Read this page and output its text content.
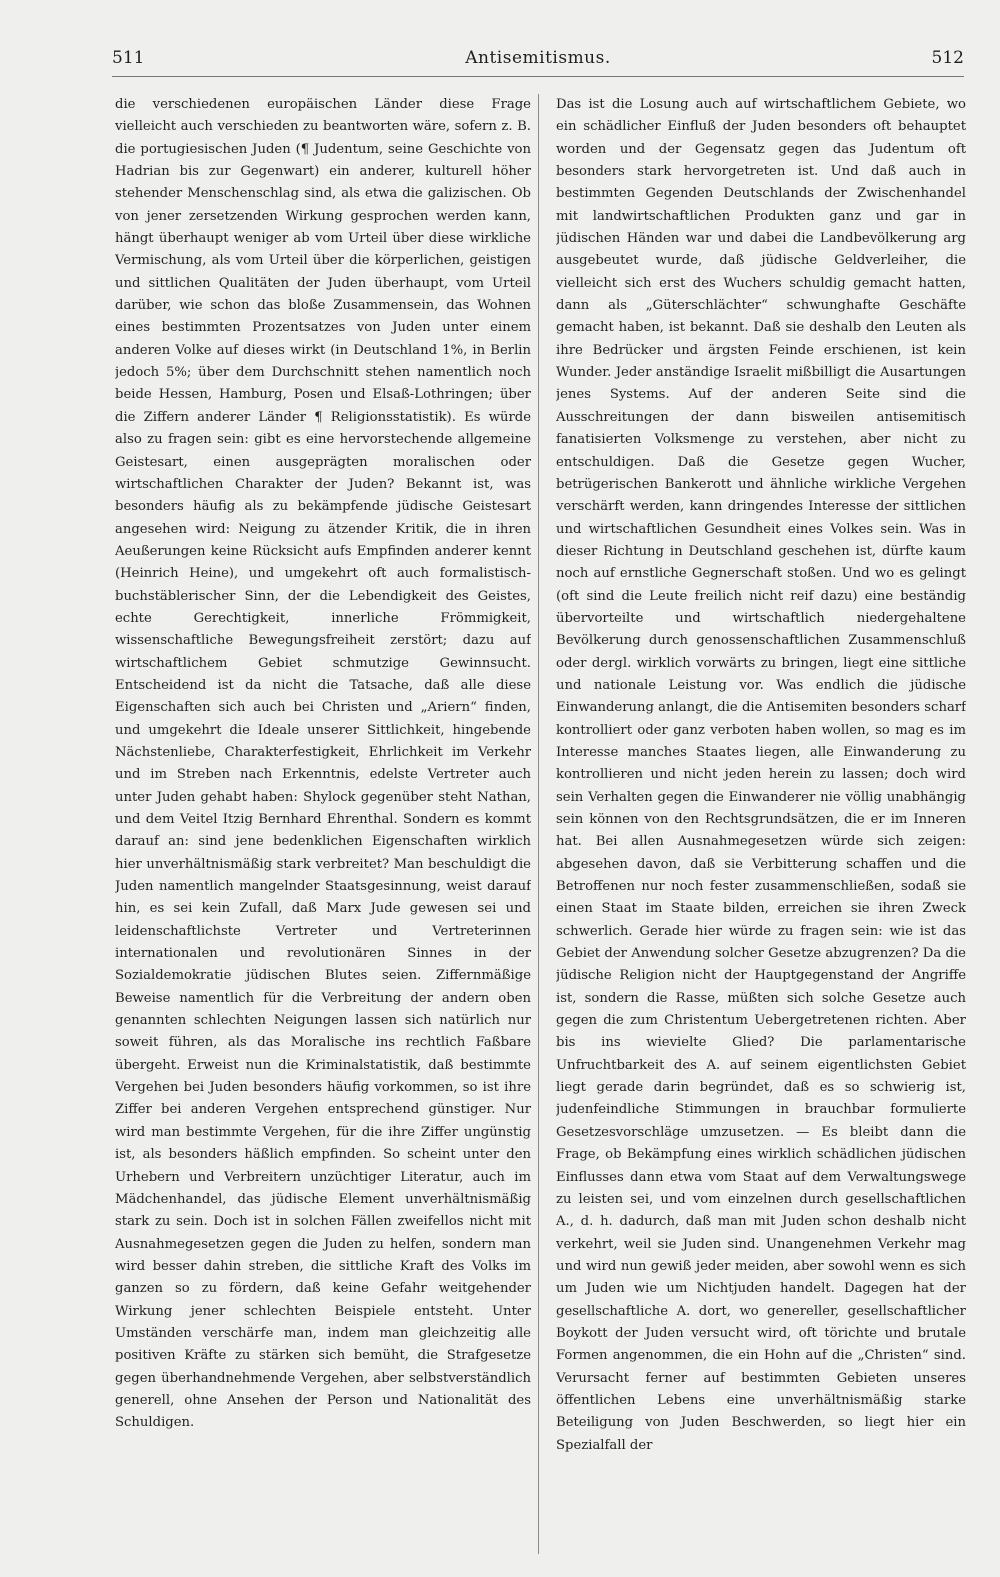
511	Antisemitismus.	512

die verschiedenen europäischen Länder diese Frage vielleicht auch verschieden zu beantworten wäre, sofern z. B. die portugiesischen Juden (¶ Judentum, seine Geschichte von Hadrian bis zur Gegenwart) ein anderer, kulturell höher stehender Menschenschlag sind, als etwa die galizischen. Ob von jener zersetzenden Wirkung gesprochen werden kann, hängt überhaupt weniger ab vom Urteil über diese wirkliche Vermischung, als vom Urteil über die körperlichen, geistigen und sittlichen Qualitäten der Juden überhaupt, vom Urteil darüber, wie schon das bloße Zusammensein, das Wohnen eines bestimmten Prozentsatzes von Juden unter einem anderen Volke auf dieses wirkt (in Deutschland 1%, in Berlin jedoch 5%; über dem Durchschnitt stehen namentlich noch beide Hessen, Hamburg, Posen und Elsaß-Lothringen; über die Ziffern anderer Länder ¶ Religionsstatistik). Es würde also zu fragen sein: gibt es eine hervorstechende allgemeine Geistesart, einen ausgeprägten moralischen oder wirtschaftlichen Charakter der Juden? Bekannt ist, was besonders häufig als zu bekämpfende jüdische Geistesart angesehen wird: Neigung zu ätzender Kritik, die in ihren Aeußerungen keine Rücksicht aufs Empfinden anderer kennt (Heinrich Heine), und umgekehrt oft auch formalistisch-buchstäblerischer Sinn, der die Lebendigkeit des Geistes, echte Gerechtigkeit, innerliche Frömmigkeit, wissenschaftliche Bewegungsfreiheit zerstört; dazu auf wirtschaftlichem Gebiet schmutzige Gewinnsucht. Entscheidend ist da nicht die Tatsache, daß alle diese Eigenschaften sich auch bei Christen und „Ariern“ finden, und umgekehrt die Ideale unserer Sittlichkeit, hingebende Nächstenliebe, Charakterfestigkeit, Ehrlichkeit im Verkehr und im Streben nach Erkenntnis, edelste Vertreter auch unter Juden gehabt haben: Shylock gegenüber steht Nathan, und dem Veitel Itzig Bernhard Ehrenthal. Sondern es kommt darauf an: sind jene bedenklichen Eigenschaften wirklich hier unverhältnismäßig stark verbreitet? Man beschuldigt die Juden namentlich mangelnder Staatsgesinnung, weist darauf hin, es sei kein Zufall, daß Marx Jude gewesen sei und leidenschaftlichste Vertreter und Vertreterinnen internationalen und revolutionären Sinnes in der Sozialdemokratie jüdischen Blutes seien. Ziffernmäßige Beweise namentlich für die Verbreitung der andern oben genannten schlechten Neigungen lassen sich natürlich nur soweit führen, als das Moralische ins rechtlich Faßbare übergeht. Erweist nun die Kriminalstatistik, daß bestimmte Vergehen bei Juden besonders häufig vorkommen, so ist ihre Ziffer bei anderen Vergehen entsprechend günstiger. Nur wird man bestimmte Vergehen, für die ihre Ziffer ungünstig ist, als besonders häßlich empfinden. So scheint unter den Urhebern und Verbreitern unzüchtiger Literatur, auch im Mädchenhandel, das jüdische Element unverhältnismäßig stark zu sein. Doch ist in solchen Fällen zweifellos nicht mit Ausnahmegesetzen gegen die Juden zu helfen, sondern man wird besser dahin streben, die sittliche Kraft des Volks im ganzen so zu fördern, daß keine Gefahr weitgehender Wirkung jener schlechten Beispiele entsteht. Unter Umständen verschärfe man, indem man gleichzeitig alle positiven Kräfte zu stärken sich bemüht, die Strafgesetze gegen überhandnehmende Vergehen, aber selbstverständlich generell, ohne Ansehen der Person und Nationalität des Schuldigen.

Das ist die Losung auch auf wirtschaftlichem Gebiete, wo ein schädlicher Einfluß der Juden besonders oft behauptet worden und der Gegensatz gegen das Judentum oft besonders stark hervorgetreten ist. Und daß auch in bestimmten Gegenden Deutschlands der Zwischenhandel mit landwirtschaftlichen Produkten ganz und gar in jüdischen Händen war und dabei die Landbevölkerung arg ausgebeutet wurde, daß jüdische Geldverleiher, die vielleicht sich erst des Wuchers schuldig gemacht hatten, dann als „Güterschlächter“ schwunghafte Geschäfte gemacht haben, ist bekannt. Daß sie deshalb den Leuten als ihre Bedrücker und ärgsten Feinde erschienen, ist kein Wunder. Jeder anständige Israelit mißbilligt die Ausartungen jenes Systems. Auf der anderen Seite sind die Ausschreitungen der dann bisweilen antisemitisch fanatisierten Volksmenge zu verstehen, aber nicht zu entschuldigen. Daß die Gesetze gegen Wucher, betrügerischen Bankerott und ähnliche wirkliche Vergehen verschärft werden, kann dringendes Interesse der sittlichen und wirtschaftlichen Gesundheit eines Volkes sein. Was in dieser Richtung in Deutschland geschehen ist, dürfte kaum noch auf ernstliche Gegnerschaft stoßen. Und wo es gelingt (oft sind die Leute freilich nicht reif dazu) eine beständig übervorteilte und wirtschaftlich niedergehaltene Bevölkerung durch genossenschaftlichen Zusammenschluß oder dergl. wirklich vorwärts zu bringen, liegt eine sittliche und nationale Leistung vor. Was endlich die jüdische Einwanderung anlangt, die die Antisemiten besonders scharf kontrolliert oder ganz verboten haben wollen, so mag es im Interesse manches Staates liegen, alle Einwanderung zu kontrollieren und nicht jeden herein zu lassen; doch wird sein Verhalten gegen die Einwanderer nie völlig unabhängig sein können von den Rechtsgrundsätzen, die er im Inneren hat. Bei allen Ausnahmegesetzen würde sich zeigen: abgesehen davon, daß sie Verbitterung schaffen und die Betroffenen nur noch fester zusammenschließen, sodaß sie einen Staat im Staate bilden, erreichen sie ihren Zweck schwerlich. Gerade hier würde zu fragen sein: wie ist das Gebiet der Anwendung solcher Gesetze abzugrenzen? Da die jüdische Religion nicht der Hauptgegenstand der Angriffe ist, sondern die Rasse, müßten sich solche Gesetze auch gegen die zum Christentum Uebergetretenen richten. Aber bis ins wievielte Glied? Die parlamentarische Unfruchtbarkeit des A. auf seinem eigentlichsten Gebiet liegt gerade darin begründet, daß es so schwierig ist, judenfeindliche Stimmungen in brauchbar formulierte Gesetzesvorschläge umzusetzen. — Es bleibt dann die Frage, ob Bekämpfung eines wirklich schädlichen jüdischen Einflusses dann etwa vom Staat auf dem Verwaltungswege zu leisten sei, und vom einzelnen durch gesellschaftlichen A., d. h. dadurch, daß man mit Juden schon deshalb nicht verkehrt, weil sie Juden sind. Unangenehmen Verkehr mag und wird nun gewiß jeder meiden, aber sowohl wenn es sich um Juden wie um Nichtjuden handelt. Dagegen hat der gesellschaftliche A. dort, wo genereller, gesellschaftlicher Boykott der Juden versucht wird, oft törichte und brutale Formen angenommen, die ein Hohn auf die „Christen“ sind. Verursacht ferner auf bestimmten Gebieten unseres öffentlichen Lebens eine unverhältnismäßig starke Beteiligung von Juden Beschwerden, so liegt hier ein Spezialfall der
